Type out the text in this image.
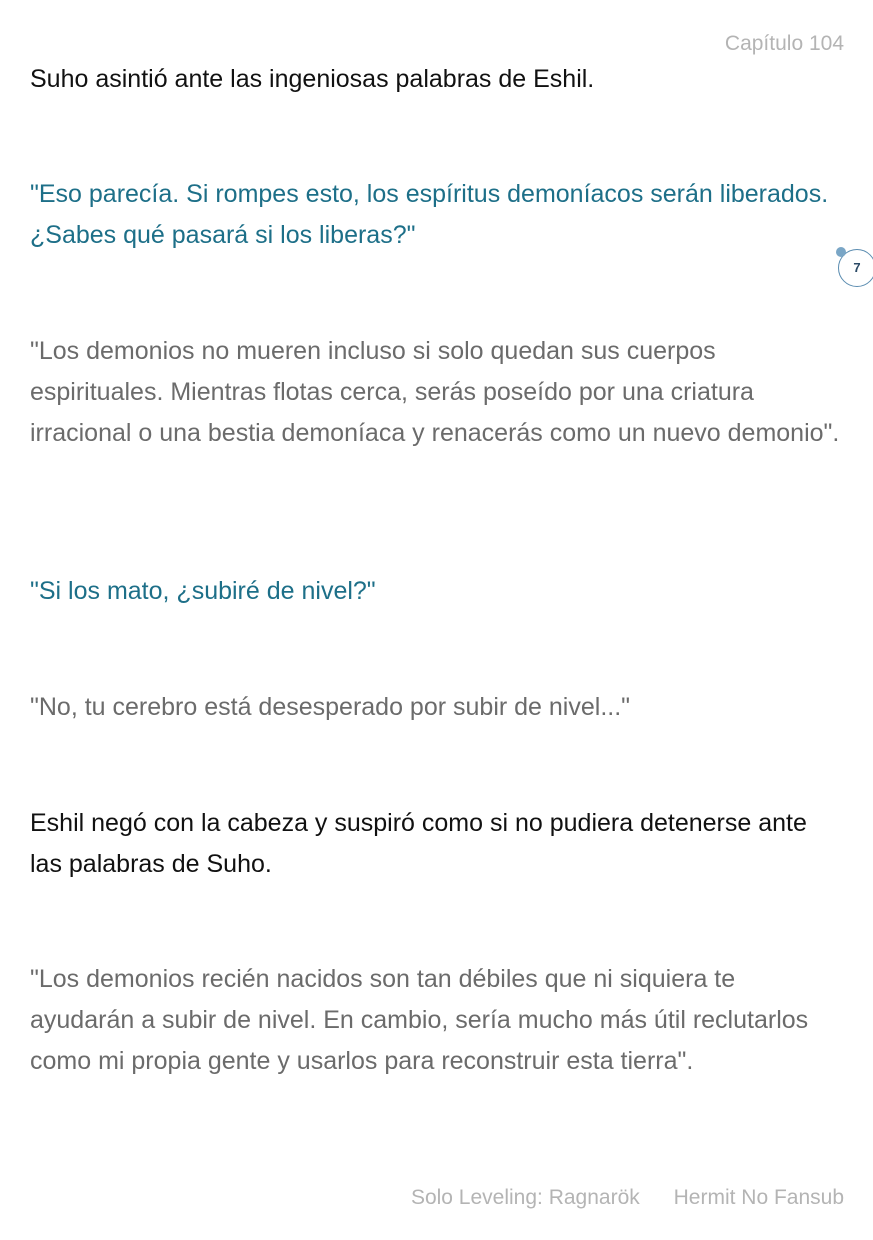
Capítulo 104

Suho asintió ante las ingeniosas palabras de Eshil.

"Eso parecía. Si rompes esto, los espíritus demoníacos serán liberados. ¿Sabes qué pasará si los liberas?"

"Los demonios no mueren incluso si solo quedan sus cuerpos espirituales. Mientras flotas cerca, serás poseído por una criatura irracional o una bestia demoníaca y renacerás como un nuevo demonio".

"Si los mato, ¿subiré de nivel?"

"No, tu cerebro está desesperado por subir de nivel..."

Eshil negó con la cabeza y suspiró como si no pudiera detenerse ante las palabras de Suho.

"Los demonios recién nacidos son tan débiles que ni siquiera te ayudarán a subir de nivel. En cambio, sería mucho más útil reclutarlos como mi propia gente y usarlos para reconstruir esta tierra".

7
Solo Leveling: Ragnarök Hermit No Fansub
